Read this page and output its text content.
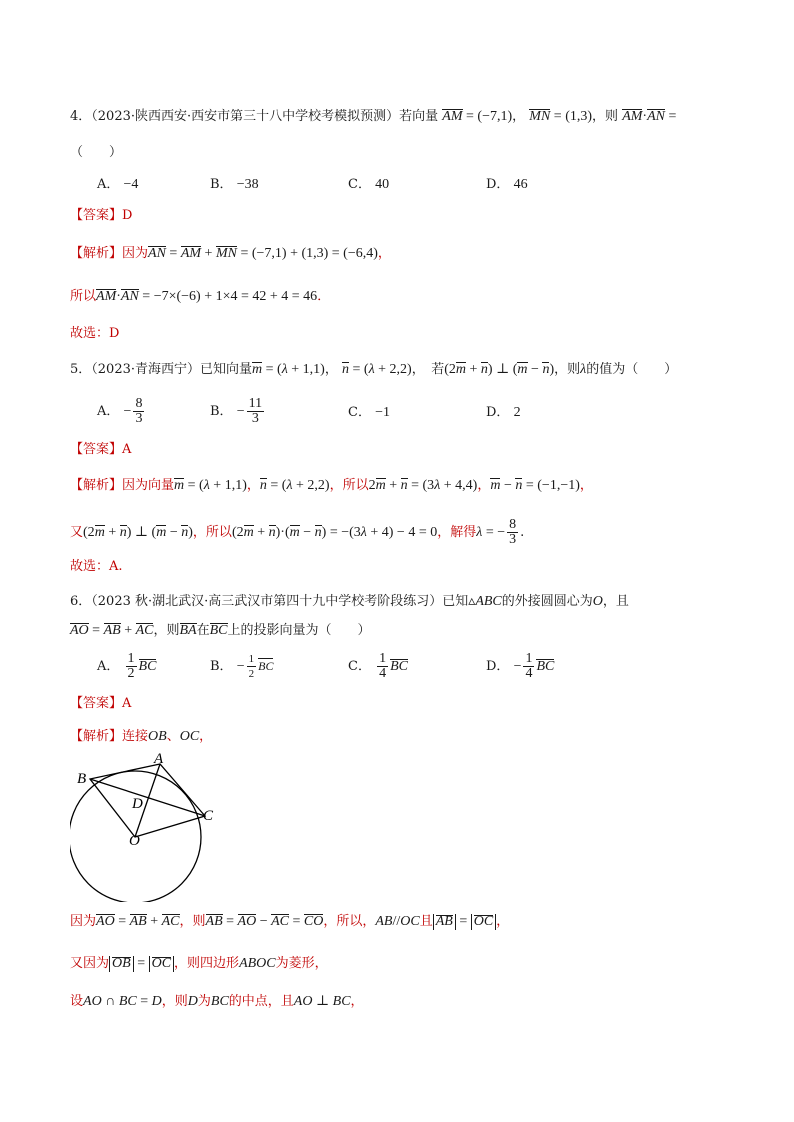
4．（2023·陕西西安·西安市第三十八中学校考模拟预测）若向量 AM = (−7,1)， MN = (1,3)，则 AM·AN =
（　　）
A． −4	B． −38	C． 40	D． 46
【答案】D
【解析】因为AN = AM + MN = (−7,1) + (1,3) = (−6,4)，
所以AM·AN = −7×(−6) + 1×4 = 42 + 4 = 46．
故选：D
5．（2023·青海西宁）已知向量m = (λ + 1,1)， n = (λ + 2,2)，　若(2m + n) ⊥ (m − n)，则λ的值为（　　）
A． − $\frac{8}{3}$	B． − $\frac{11}{3}$	C． −1	D． 2
【答案】A
【解析】因为向量m = (λ + 1,1)，n = (λ + 2,2)，所以2m + n = (3λ + 4,4)，m − n = (−1,−1)，
又(2m + n) ⊥ (m − n)，所以(2m + n)·(m − n) = −(3λ + 4) − 4 = 0，解得λ = − $\frac{8}{3}$ .
故选：A.
6．（2023 秋·湖北武汉·高三武汉市第四十九中学校考阶段练习）已知▵ABC的外接圆圆心为O，且
AO = AB + AC，则BA在BC上的投影向量为（　　）
A． $\frac{1}{2}$ BC	B． − $\frac{1}{2}$ BC	C． $\frac{1}{4}$ BC	D． − $\frac{1}{4}$ BC
【答案】A
【解析】连接OB、OC，
A
B
C
D
O
因为AO = AB + AC，则AB = AO − AC = CO，所以，AB//OC且 AB = OC ，
又因为 OB = OC ，则四边形ABOC为菱形，
设AO ∩ BC = D，则D为BC的中点，且AO ⊥ BC，
